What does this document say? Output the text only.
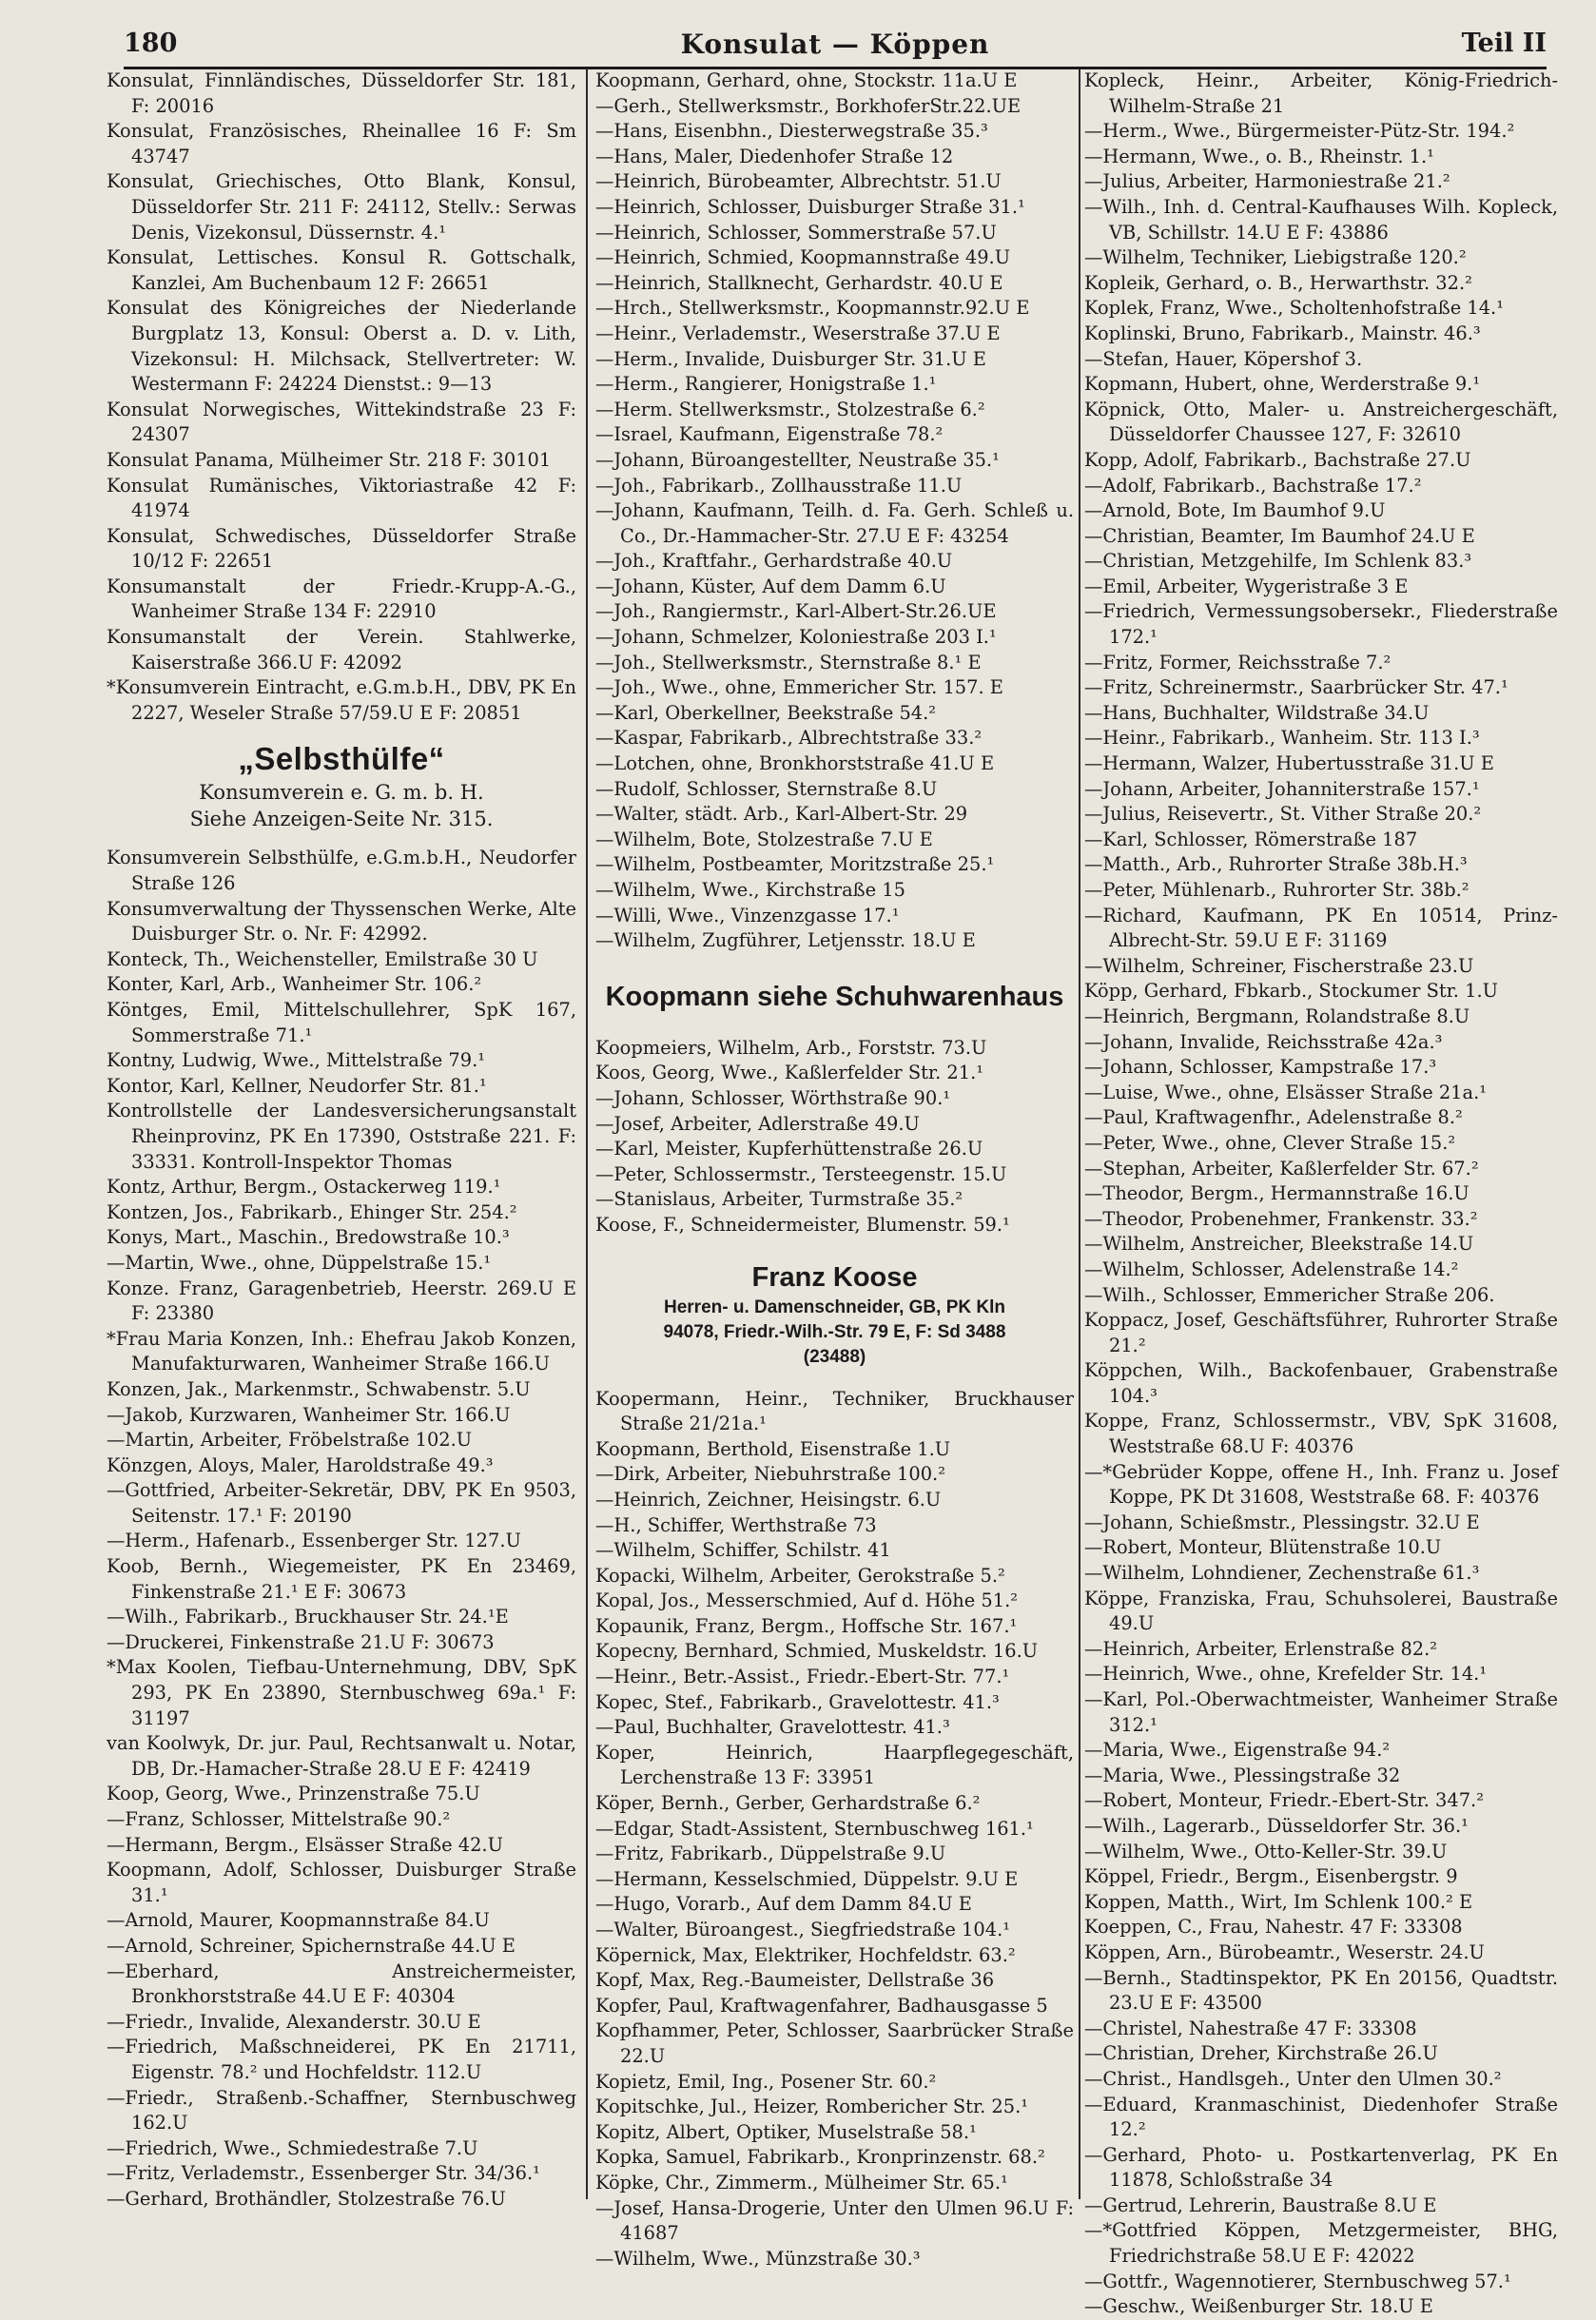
180	Konsulat — Köppen	Teil II

Konsulat, Finnländisches, Düsseldorfer Str. 181, F: 20016

Konsulat, Französisches, Rheinallee 16 F: Sm 43747

Konsulat, Griechisches, Otto Blank, Konsul, Düsseldorfer Str. 211 F: 24112, Stellv.: Serwas Denis, Vizekonsul, Düssernstr. 4.¹

Konsulat, Lettisches. Konsul R. Gottschalk, Kanzlei, Am Buchenbaum 12 F: 26651

Konsulat des Königreiches der Niederlande Burgplatz 13, Konsul: Oberst a. D. v. Lith, Vizekonsul: H. Milchsack, Stellvertreter: W. Westermann F: 24224 Dienstst.: 9—13

Konsulat Norwegisches, Wittekindstraße 23 F: 24307

Konsulat Panama, Mülheimer Str. 218 F: 30101

Konsulat Rumänisches, Viktoriastraße 42 F: 41974

Konsulat, Schwedisches, Düsseldorfer Straße 10/12 F: 22651

Konsumanstalt der Friedr.-Krupp-A.-G., Wanheimer Straße 134 F: 22910

Konsumanstalt der Verein. Stahlwerke, Kaiserstraße 366.U F: 42092

*Konsumverein Eintracht, e.G.m.b.H., DBV, PK En 2227, Weseler Straße 57/59.U E F: 20851

„Selbsthülfe“
Konsumverein e. G. m. b. H.
Siehe Anzeigen-Seite Nr. 315.

Konsumverein Selbsthülfe, e.G.m.b.H., Neudorfer Straße 126

Konsumverwaltung der Thyssenschen Werke, Alte Duisburger Str. o. Nr. F: 42992.

Konteck, Th., Weichensteller, Emilstraße 30 U

Konter, Karl, Arb., Wanheimer Str. 106.²

Köntges, Emil, Mittelschullehrer, SpK 167, Sommerstraße 71.¹

Kontny, Ludwig, Wwe., Mittelstraße 79.¹

Kontor, Karl, Kellner, Neudorfer Str. 81.¹

Kontrollstelle der Landesversicherungsanstalt Rheinprovinz, PK En 17390, Oststraße 221. F: 33331. Kontroll-Inspektor Thomas

Kontz, Arthur, Bergm., Ostackerweg 119.¹

Kontzen, Jos., Fabrikarb., Ehinger Str. 254.²

Konys, Mart., Maschin., Bredowstraße 10.³

—Martin, Wwe., ohne, Düppelstraße 15.¹

Konze. Franz, Garagenbetrieb, Heerstr. 269.U E F: 23380

*Frau Maria Konzen, Inh.: Ehefrau Jakob Konzen, Manufakturwaren, Wanheimer Straße 166.U

Konzen, Jak., Markenmstr., Schwabenstr. 5.U

—Jakob, Kurzwaren, Wanheimer Str. 166.U

—Martin, Arbeiter, Fröbelstraße 102.U

Könzgen, Aloys, Maler, Haroldstraße 49.³

—Gottfried, Arbeiter-Sekretär, DBV, PK En 9503, Seitenstr. 17.¹ F: 20190

—Herm., Hafenarb., Essenberger Str. 127.U

Koob, Bernh., Wiegemeister, PK En 23469, Finkenstraße 21.¹ E F: 30673

—Wilh., Fabrikarb., Bruckhauser Str. 24.¹E

—Druckerei, Finkenstraße 21.U F: 30673

*Max Koolen, Tiefbau-Unternehmung, DBV, SpK 293, PK En 23890, Sternbuschweg 69a.¹ F: 31197

van Koolwyk, Dr. jur. Paul, Rechtsanwalt u. Notar, DB, Dr.-Hamacher-Straße 28.U E F: 42419

Koop, Georg, Wwe., Prinzenstraße 75.U

—Franz, Schlosser, Mittelstraße 90.²

—Hermann, Bergm., Elsässer Straße 42.U

Koopmann, Adolf, Schlosser, Duisburger Straße 31.¹

—Arnold, Maurer, Koopmannstraße 84.U

—Arnold, Schreiner, Spichernstraße 44.U E

—Eberhard, Anstreichermeister, Bronkhorststraße 44.U E F: 40304

—Friedr., Invalide, Alexanderstr. 30.U E

—Friedrich, Maßschneiderei, PK En 21711, Eigenstr. 78.² und Hochfeldstr. 112.U

—Friedr., Straßenb.-Schaffner, Sternbuschweg 162.U

—Friedrich, Wwe., Schmiedestraße 7.U

—Fritz, Verlademstr., Essenberger Str. 34/36.¹

—Gerhard, Brothändler, Stolzestraße 76.U

Koopmann, Gerhard, ohne, Stockstr. 11a.U E

—Gerh., Stellwerksmstr., BorkhoferStr.22.UE

—Hans, Eisenbhn., Diesterwegstraße 35.³

—Hans, Maler, Diedenhofer Straße 12

—Heinrich, Bürobeamter, Albrechtstr. 51.U

—Heinrich, Schlosser, Duisburger Straße 31.¹

—Heinrich, Schlosser, Sommerstraße 57.U

—Heinrich, Schmied, Koopmannstraße 49.U

—Heinrich, Stallknecht, Gerhardstr. 40.U E

—Hrch., Stellwerksmstr., Koopmannstr.92.U E

—Heinr., Verlademstr., Weserstraße 37.U E

—Herm., Invalide, Duisburger Str. 31.U E

—Herm., Rangierer, Honigstraße 1.¹

—Herm. Stellwerksmstr., Stolzestraße 6.²

—Israel, Kaufmann, Eigenstraße 78.²

—Johann, Büroangestellter, Neustraße 35.¹

—Joh., Fabrikarb., Zollhausstraße 11.U

—Johann, Kaufmann, Teilh. d. Fa. Gerh. Schleß u. Co., Dr.-Hammacher-Str. 27.U E F: 43254

—Joh., Kraftfahr., Gerhardstraße 40.U

—Johann, Küster, Auf dem Damm 6.U

—Joh., Rangiermstr., Karl-Albert-Str.26.UE

—Johann, Schmelzer, Koloniestraße 203 I.¹

—Joh., Stellwerksmstr., Sternstraße 8.¹ E

—Joh., Wwe., ohne, Emmericher Str. 157. E

—Karl, Oberkellner, Beekstraße 54.²

—Kaspar, Fabrikarb., Albrechtstraße 33.²

—Lotchen, ohne, Bronkhorststraße 41.U E

—Rudolf, Schlosser, Sternstraße 8.U

—Walter, städt. Arb., Karl-Albert-Str. 29

—Wilhelm, Bote, Stolzestraße 7.U E

—Wilhelm, Postbeamter, Moritzstraße 25.¹

—Wilhelm, Wwe., Kirchstraße 15

—Willi, Wwe., Vinzenzgasse 17.¹

—Wilhelm, Zugführer, Letjensstr. 18.U E

Koopmann siehe Schuhwarenhaus

Koopmeiers, Wilhelm, Arb., Forststr. 73.U

Koos, Georg, Wwe., Kaßlerfelder Str. 21.¹

—Johann, Schlosser, Wörthstraße 90.¹

—Josef, Arbeiter, Adlerstraße 49.U

—Karl, Meister, Kupferhüttenstraße 26.U

—Peter, Schlossermstr., Tersteegenstr. 15.U

—Stanislaus, Arbeiter, Turmstraße 35.²

Koose, F., Schneidermeister, Blumenstr. 59.¹

Franz Koose
Herren- u. Damenschneider, GB, PK Kln
94078, Friedr.-Wilh.-Str. 79 E, F: Sd 3488
(23488)

Koopermann, Heinr., Techniker, Bruckhauser Straße 21/21a.¹

Koopmann, Berthold, Eisenstraße 1.U

—Dirk, Arbeiter, Niebuhrstraße 100.²

—Heinrich, Zeichner, Heisingstr. 6.U

—H., Schiffer, Werthstraße 73

—Wilhelm, Schiffer, Schilstr. 41

Kopacki, Wilhelm, Arbeiter, Gerokstraße 5.²

Kopal, Jos., Messerschmied, Auf d. Höhe 51.²

Kopaunik, Franz, Bergm., Hoffsche Str. 167.¹

Kopecny, Bernhard, Schmied, Muskeldstr. 16.U

—Heinr., Betr.-Assist., Friedr.-Ebert-Str. 77.¹

Kopec, Stef., Fabrikarb., Gravelottestr. 41.³

—Paul, Buchhalter, Gravelottestr. 41.³

Koper, Heinrich, Haarpflegegeschäft, Lerchenstraße 13 F: 33951

Köper, Bernh., Gerber, Gerhardstraße 6.²

—Edgar, Stadt-Assistent, Sternbuschweg 161.¹

—Fritz, Fabrikarb., Düppelstraße 9.U

—Hermann, Kesselschmied, Düppelstr. 9.U E

—Hugo, Vorarb., Auf dem Damm 84.U E

—Walter, Büroangest., Siegfriedstraße 104.¹

Köpernick, Max, Elektriker, Hochfeldstr. 63.²

Kopf, Max, Reg.-Baumeister, Dellstraße 36

Kopfer, Paul, Kraftwagenfahrer, Badhausgasse 5

Kopfhammer, Peter, Schlosser, Saarbrücker Straße 22.U

Kopietz, Emil, Ing., Posener Str. 60.²

Kopitschke, Jul., Heizer, Rombericher Str. 25.¹

Kopitz, Albert, Optiker, Muselstraße 58.¹

Kopka, Samuel, Fabrikarb., Kronprinzenstr. 68.²

Köpke, Chr., Zimmerm., Mülheimer Str. 65.¹

—Josef, Hansa-Drogerie, Unter den Ulmen 96.U F: 41687

—Wilhelm, Wwe., Münzstraße 30.³

Kopleck, Heinr., Arbeiter, König-Friedrich-Wilhelm-Straße 21

—Herm., Wwe., Bürgermeister-Pütz-Str. 194.²

—Hermann, Wwe., o. B., Rheinstr. 1.¹

—Julius, Arbeiter, Harmoniestraße 21.²

—Wilh., Inh. d. Central-Kaufhauses Wilh. Kopleck, VB, Schillstr. 14.U E F: 43886

—Wilhelm, Techniker, Liebigstraße 120.²

Kopleik, Gerhard, o. B., Herwarthstr. 32.²

Koplek, Franz, Wwe., Scholtenhofstraße 14.¹

Koplinski, Bruno, Fabrikarb., Mainstr. 46.³

—Stefan, Hauer, Köpershof 3.

Kopmann, Hubert, ohne, Werderstraße 9.¹

Köpnick, Otto, Maler- u. Anstreichergeschäft, Düsseldorfer Chaussee 127, F: 32610

Kopp, Adolf, Fabrikarb., Bachstraße 27.U

—Adolf, Fabrikarb., Bachstraße 17.²

—Arnold, Bote, Im Baumhof 9.U

—Christian, Beamter, Im Baumhof 24.U E

—Christian, Metzgehilfe, Im Schlenk 83.³

—Emil, Arbeiter, Wygeristraße 3 E

—Friedrich, Vermessungsobersekr., Fliederstraße 172.¹

—Fritz, Former, Reichsstraße 7.²

—Fritz, Schreinermstr., Saarbrücker Str. 47.¹

—Hans, Buchhalter, Wildstraße 34.U

—Heinr., Fabrikarb., Wanheim. Str. 113 I.³

—Hermann, Walzer, Hubertusstraße 31.U E

—Johann, Arbeiter, Johanniterstraße 157.¹

—Julius, Reisevertr., St. Vither Straße 20.²

—Karl, Schlosser, Römerstraße 187

—Matth., Arb., Ruhrorter Straße 38b.H.³

—Peter, Mühlenarb., Ruhrorter Str. 38b.²

—Richard, Kaufmann, PK En 10514, Prinz-Albrecht-Str. 59.U E F: 31169

—Wilhelm, Schreiner, Fischerstraße 23.U

Köpp, Gerhard, Fbkarb., Stockumer Str. 1.U

—Heinrich, Bergmann, Rolandstraße 8.U

—Johann, Invalide, Reichsstraße 42a.³

—Johann, Schlosser, Kampstraße 17.³

—Luise, Wwe., ohne, Elsässer Straße 21a.¹

—Paul, Kraftwagenfhr., Adelenstraße 8.²

—Peter, Wwe., ohne, Clever Straße 15.²

—Stephan, Arbeiter, Kaßlerfelder Str. 67.²

—Theodor, Bergm., Hermannstraße 16.U

—Theodor, Probenehmer, Frankenstr. 33.²

—Wilhelm, Anstreicher, Bleekstraße 14.U

—Wilhelm, Schlosser, Adelenstraße 14.²

—Wilh., Schlosser, Emmericher Straße 206.

Koppacz, Josef, Geschäftsführer, Ruhrorter Straße 21.²

Köppchen, Wilh., Backofenbauer, Grabenstraße 104.³

Koppe, Franz, Schlossermstr., VBV, SpK 31608, Weststraße 68.U F: 40376

—*Gebrüder Koppe, offene H., Inh. Franz u. Josef Koppe, PK Dt 31608, Weststraße 68. F: 40376

—Johann, Schießmstr., Plessingstr. 32.U E

—Robert, Monteur, Blütenstraße 10.U

—Wilhelm, Lohndiener, Zechenstraße 61.³

Köppe, Franziska, Frau, Schuhsolerei, Baustraße 49.U

—Heinrich, Arbeiter, Erlenstraße 82.²

—Heinrich, Wwe., ohne, Krefelder Str. 14.¹

—Karl, Pol.-Oberwachtmeister, Wanheimer Straße 312.¹

—Maria, Wwe., Eigenstraße 94.²

—Maria, Wwe., Plessingstraße 32

—Robert, Monteur, Friedr.-Ebert-Str. 347.²

—Wilh., Lagerarb., Düsseldorfer Str. 36.¹

—Wilhelm, Wwe., Otto-Keller-Str. 39.U

Köppel, Friedr., Bergm., Eisenbergstr. 9

Koppen, Matth., Wirt, Im Schlenk 100.² E

Koeppen, C., Frau, Nahestr. 47 F: 33308

Köppen, Arn., Bürobeamtr., Weserstr. 24.U

—Bernh., Stadtinspektor, PK En 20156, Quadtstr. 23.U E F: 43500

—Christel, Nahestraße 47 F: 33308

—Christian, Dreher, Kirchstraße 26.U

—Christ., Handlsgeh., Unter den Ulmen 30.²

—Eduard, Kranmaschinist, Diedenhofer Straße 12.²

—Gerhard, Photo- u. Postkartenverlag, PK En 11878, Schloßstraße 34

—Gertrud, Lehrerin, Baustraße 8.U E

—*Gottfried Köppen, Metzgermeister, BHG, Friedrichstraße 58.U E F: 42022

—Gottfr., Wagennotierer, Sternbuschweg 57.¹

—Geschw., Weißenburger Str. 18.U E
